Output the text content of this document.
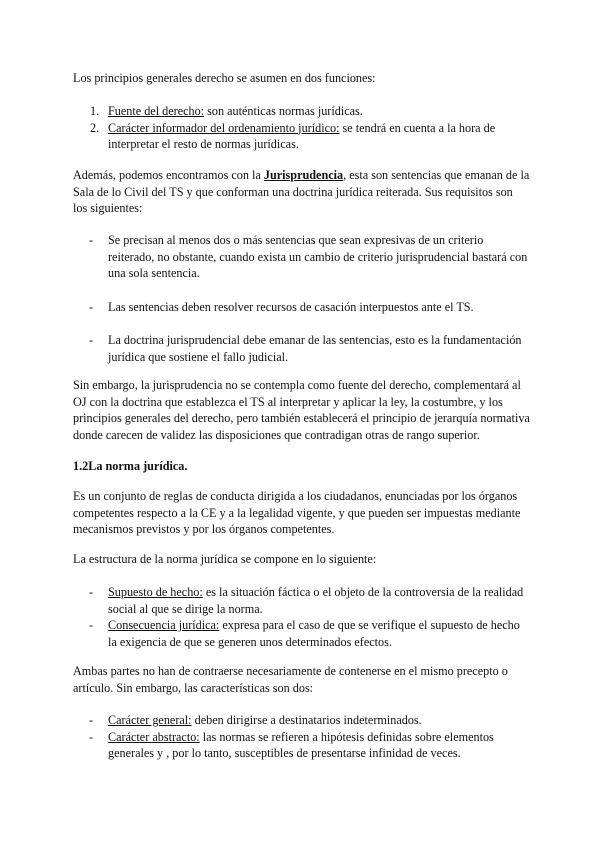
Los principios generales derecho se asumen en dos funciones:

1. Fuente del derecho: son auténticas normas jurídicas.
2. Carácter informador del ordenamiento jurídico: se tendrá en cuenta a la hora de interpretar el resto de normas jurídicas.

Además, podemos encontramos con la Jurisprudencia, esta son sentencias que emanan de la Sala de lo Civil del TS y que conforman una doctrina jurídica reiterada. Sus requisitos son los siguientes:

- Se precisan al menos dos o más sentencias que sean expresivas de un criterio reiterado, no obstante, cuando exista un cambio de criterio jurisprudencial bastará con una sola sentencia.
- Las sentencias deben resolver recursos de casación interpuestos ante el TS.
- La doctrina jurisprudencial debe emanar de las sentencias, esto es la fundamentación jurídica que sostiene el fallo judicial.

Sin embargo, la jurisprudencia no se contempla como fuente del derecho, complementará al OJ con la doctrina que establezca el TS al interpretar y aplicar la ley, la costumbre, y los principios generales del derecho, pero también establecerá el principio de jerarquía normativa donde carecen de validez las disposiciones que contradigan otras de rango superior.

1.2La norma jurídica.

Es un conjunto de reglas de conducta dirigida a los ciudadanos, enunciadas por los órganos competentes respecto a la CE y a la legalidad vigente, y que pueden ser impuestas mediante mecanismos previstos y por los órganos competentes.

La estructura de la norma jurídica se compone en lo siguiente:

- Supuesto de hecho: es la situación fáctica o el objeto de la controversia de la realidad social al que se dirige la norma.
- Consecuencia jurídica: expresa para el caso de que se verifique el supuesto de hecho la exigencia de que se generen unos determinados efectos.

Ambas partes no han de contraerse necesariamente de contenerse en el mismo precepto o artículo. Sin embargo, las características son dos:

- Carácter general: deben dirigirse a destinatarios indeterminados.
- Carácter abstracto: las normas se refieren a hipótesis definidas sobre elementos generales y , por lo tanto, susceptibles de presentarse infinidad de veces.
